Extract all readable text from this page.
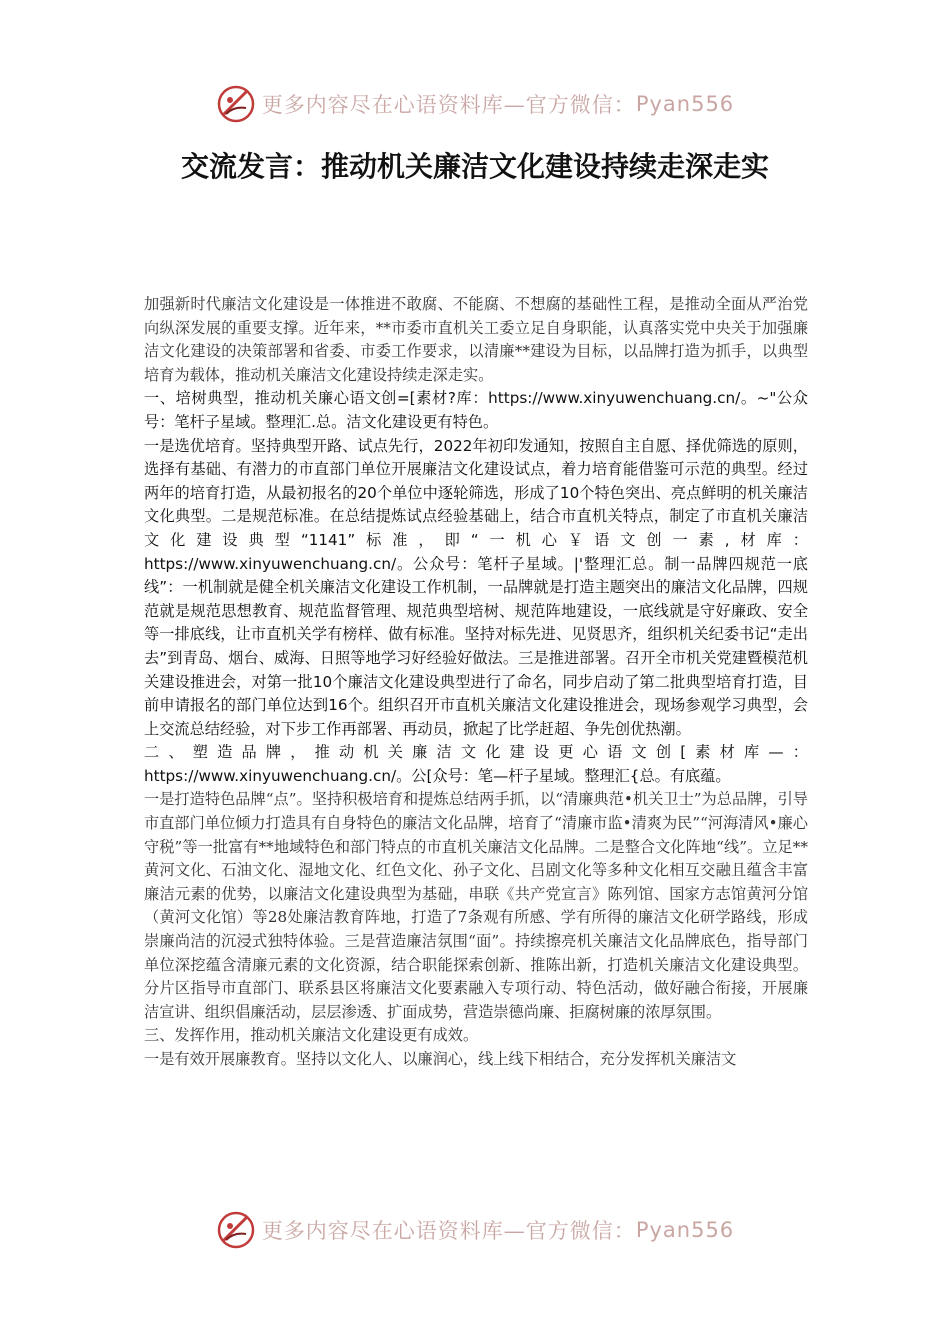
更多内容尽在心语资料库—官方微信： Pyan556
交流发言：推动机关廉洁文化建设持续走深走实

加强新时代廉洁文化建设是一体推进不敢腐、不能腐、不想腐的基础性工程，是推动全面从严治党向纵深发展的重要支撑。近年来，**市委市直机关工委立足自身职能，认真落实党中央关于加强廉洁文化建设的决策部署和省委、市委工作要求，以清廉**建设为目标，以品牌打造为抓手，以典型培育为载体，推动机关廉洁文化建设持续走深走实。

一、培树典型，推动机关廉心语文创=[素材?库：https://www.xinyuwenchuang.cn/。~"公众号：笔杆子星域。整理汇.总。洁文化建设更有特色。

一是选优培育。坚持典型开路、试点先行，2022年初印发通知，按照自主自愿、择优筛选的原则，选择有基础、有潜力的市直部门单位开展廉洁文化建设试点，着力培育能借鉴可示范的典型。经过两年的培育打造，从最初报名的20个单位中逐轮筛选，形成了10个特色突出、亮点鲜明的机关廉洁文化典型。二是规范标准。在总结提炼试点经验基础上，结合市直机关特点，制定了市直机关廉洁文化建设典型“1141”标准，即“一机心￥语文创一素,材库：https://www.xinyuwenchuang.cn/。公众号：笔杆子星域。|'整理汇总。制一品牌四规范一底线”：一机制就是健全机关廉洁文化建设工作机制，一品牌就是打造主题突出的廉洁文化品牌，四规范就是规范思想教育、规范监督管理、规范典型培树、规范阵地建设，一底线就是守好廉政、安全等一排底线，让市直机关学有榜样、做有标准。坚持对标先进、见贤思齐，组织机关纪委书记“走出去”到青岛、烟台、威海、日照等地学习好经验好做法。三是推进部署。召开全市机关党建暨模范机关建设推进会，对第一批10个廉洁文化建设典型进行了命名，同步启动了第二批典型培育打造，目前申请报名的部门单位达到16个。组织召开市直机关廉洁文化建设推进会，现场参观学习典型，会上交流总结经验，对下步工作再部署、再动员，掀起了比学赶超、争先创优热潮。

二、塑造品牌，推动机关廉洁文化建设更心语文创[素材库—：https://www.xinyuwenchuang.cn/。公[众号：笔—杆子星域。整理汇{总。有底蕴。

一是打造特色品牌“点”。坚持积极培育和提炼总结两手抓，以“清廉典范•机关卫士”为总品牌，引导市直部门单位倾力打造具有自身特色的廉洁文化品牌，培育了“清廉市监•清爽为民”“河海清风•廉心守税”等一批富有**地域特色和部门特点的市直机关廉洁文化品牌。二是整合文化阵地“线”。立足**黄河文化、石油文化、湿地文化、红色文化、孙子文化、吕剧文化等多种文化相互交融且蕴含丰富廉洁元素的优势，以廉洁文化建设典型为基础，串联《共产党宣言》陈列馆、国家方志馆黄河分馆（黄河文化馆）等28处廉洁教育阵地，打造了7条观有所感、学有所得的廉洁文化研学路线，形成崇廉尚洁的沉浸式独特体验。三是营造廉洁氛围“面”。持续擦亮机关廉洁文化品牌底色，指导部门单位深挖蕴含清廉元素的文化资源，结合职能探索创新、推陈出新，打造机关廉洁文化建设典型。分片区指导市直部门、联系县区将廉洁文化要素融入专项行动、特色活动，做好融合衔接，开展廉洁宣讲、组织倡廉活动，层层渗透、扩面成势，营造崇德尚廉、拒腐树廉的浓厚氛围。

三、发挥作用，推动机关廉洁文化建设更有成效。

一是有效开展廉教育。坚持以文化人、以廉润心，线上线下相结合，充分发挥机关廉洁文

更多内容尽在心语资料库—官方微信： Pyan556
